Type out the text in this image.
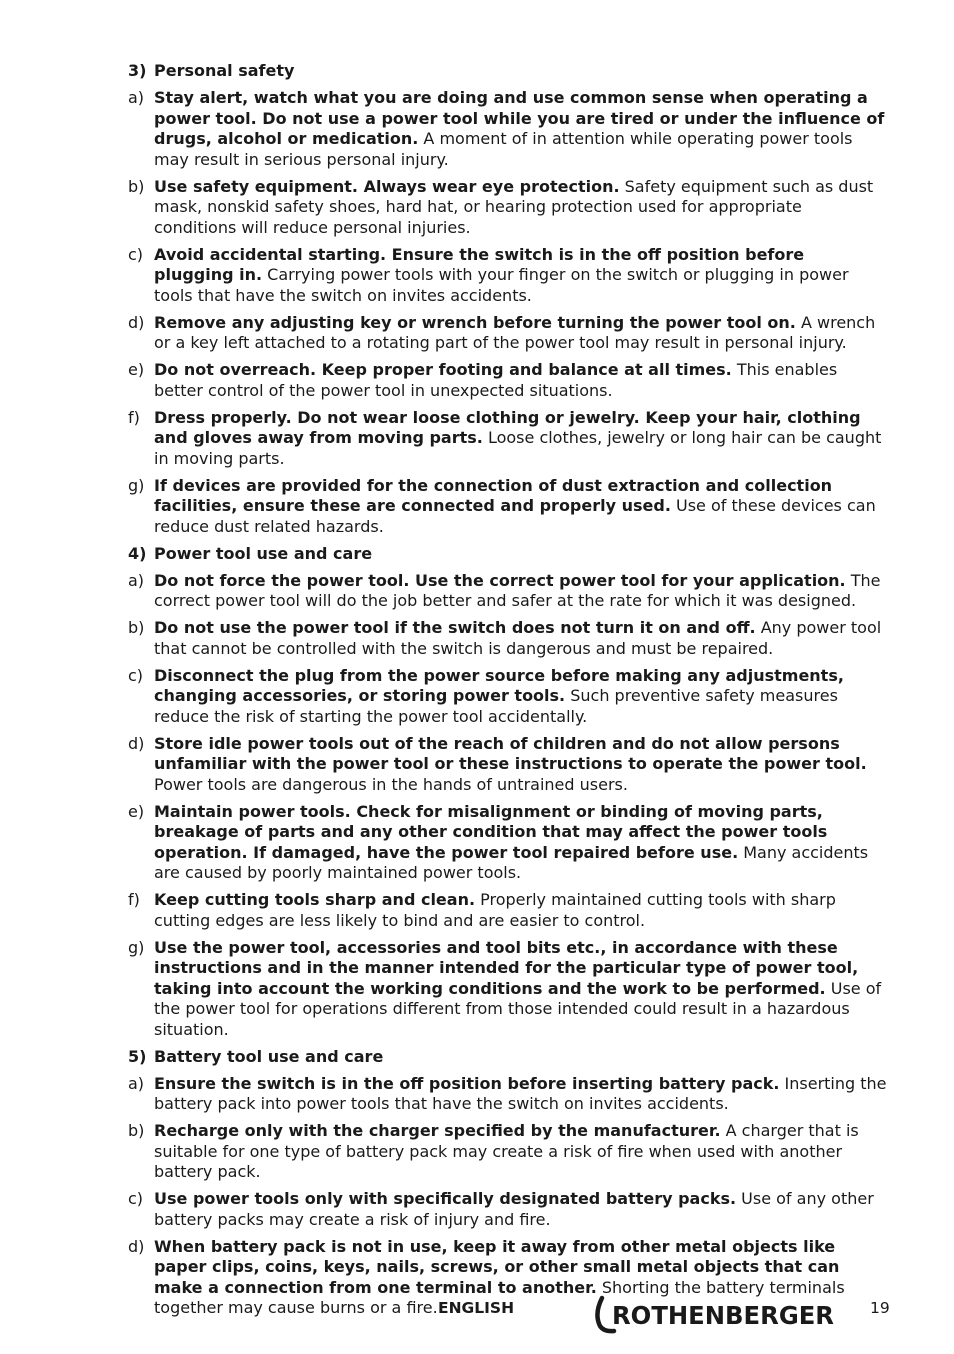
3) Personal safety
a) Stay alert, watch what you are doing and use common sense when operating a power tool. Do not use a power tool while you are tired or under the influence of drugs, alcohol or medication. A moment of in attention while operating power tools may result in serious personal injury.
b) Use safety equipment. Always wear eye protection. Safety equipment such as dust mask, nonskid safety shoes, hard hat, or hearing protection used for appropriate conditions will reduce personal injuries.
c) Avoid accidental starting. Ensure the switch is in the off position before plugging in. Carrying power tools with your finger on the switch or plugging in power tools that have the switch on invites accidents.
d) Remove any adjusting key or wrench before turning the power tool on. A wrench or a key left attached to a rotating part of the power tool may result in personal injury.
e) Do not overreach. Keep proper footing and balance at all times. This enables better control of the power tool in unexpected situations.
f) Dress properly. Do not wear loose clothing or jewelry. Keep your hair, clothing and gloves away from moving parts. Loose clothes, jewelry or long hair can be caught in moving parts.
g) If devices are provided for the connection of dust extraction and collection facilities, ensure these are connected and properly used. Use of these devices can reduce dust related hazards.
4) Power tool use and care
a) Do not force the power tool. Use the correct power tool for your application. The correct power tool will do the job better and safer at the rate for which it was designed.
b) Do not use the power tool if the switch does not turn it on and off. Any power tool that cannot be controlled with the switch is dangerous and must be repaired.
c) Disconnect the plug from the power source before making any adjustments, changing accessories, or storing power tools. Such preventive safety measures reduce the risk of starting the power tool accidentally.
d) Store idle power tools out of the reach of children and do not allow persons unfamiliar with the power tool or these instructions to operate the power tool. Power tools are dangerous in the hands of untrained users.
e) Maintain power tools. Check for misalignment or binding of moving parts, breakage of parts and any other condition that may affect the power tools operation. If damaged, have the power tool repaired before use. Many accidents are caused by poorly maintained power tools.
f) Keep cutting tools sharp and clean. Properly maintained cutting tools with sharp cutting edges are less likely to bind and are easier to control.
g) Use the power tool, accessories and tool bits etc., in accordance with these instructions and in the manner intended for the particular type of power tool, taking into account the working conditions and the work to be performed. Use of the power tool for operations different from those intended could result in a hazardous situation.
5) Battery tool use and care
a) Ensure the switch is in the off position before inserting battery pack. Inserting the battery pack into power tools that have the switch on invites accidents.
b) Recharge only with the charger specified by the manufacturer. A charger that is suitable for one type of battery pack may create a risk of fire when used with another battery pack.
c) Use power tools only with specifically designated battery packs. Use of any other battery packs may create a risk of injury and fire.
d) When battery pack is not in use, keep it away from other metal objects like paper clips, coins, keys, nails, screws, or other small metal objects that can make a connection from one terminal to another. Shorting the battery terminals together may cause burns or a fire. ENGLISH	ROTHENBERGER 19
